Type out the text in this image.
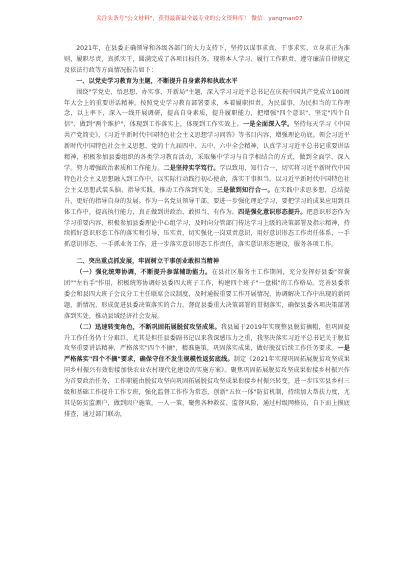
关注头条号"公文材料"，获得最新最全最专业的公文资料库！ 微信：yangman07

2021年，在县委正确领导和各级各部门的大力支持下，坚持以谋事求真、干事求实、立身求正为准则，履职尽责，真抓实干，圆满完成了各项目标任务。现将本人学习、履行工作职责、遵守廉洁自律规定及依法行政等方面情况报告如下：

一、以党史学习教育为主题，不断提升自身素养和执政水平

围绕"学党史、悟思想、办实事、开新局"主题，深入学习习近平总书记在庆祝中国共产党成立100周年大会上的重要讲话精神，按照党史学习教育部署要求，本着履职担责，为民谋事，为民担当的工作理念，以上率下，深入一线开展调研，提高自身素质，提升履职能力，把增强"四个意识"、坚定"四个自信"、做到"两个维护"，体现到工作落实上，体现到工作实效上。一是全面深入学。坚持每天学习《中国共产党简史》、《习近平新时代中国特色社会主义思想学习问答》等书目内容，增强理论功底。领会习近平新时代中国特色社会主义思想、党的十九届四中、五中、六中全会精神，认真学习习近平总书记重要讲话精神，积极参加县委组织的各类学习教育活动，采取集中学习与自学相结合的方式，做到全面学、深入学。努力增强政治素质和工作能力。二是坚持实学笃行。学以致用，知行合一，切实将习近平新时代中国特色社会主义思想融入到工作中，以实际行动践行初心使命，落实干事担当。以习近平新时代中国特色社会主义思想武装头脑、指导实践，推动工作落到实处。三是做到知行合一。在实践中求思多想，总结提升，更好的指导自身的发展。作为一名党员领导干部，要进一步强化理论学习，要把学习的成果应用到具体工作中，提高执行能力，真正做到讲政治、敢担当、有作为。四是强化意识形态提升。把意识形态作为学习重要内容，积极参加县委理论中心组学习，及时向分管部门传达学习上级的决策部署及指示精神，持续抓好意识形态工作的落实和引导，压实责，切实强化一岗双责意识，用好意识形态工作责任体系，一手抓意识形态，一手抓业务工作，进一步落实意识形态工作责任，落实意识形态建设，服务各项工作。

二、突出重点抓发展，牢固树立干事创业敢担当精神

（一）强化统筹协调，不断提升参谋辅助能力。在县社区服务主工作期间，充分发挥好县委"智囊团""左右手"作用，积极统筹协调好县委四大班子工作，构建四个班子"一盘棋"的工作格局。完善县委常委会和县四大班子会议分工主任联席会议制度，及时通报重要工作开展情况，协调解决工作中出现的新问题、新情况，形成促进县委决策落实的合力。督促县委重大决策部署的贯彻落实，确保县委各项决策部署落到实处，推动县域经济社会发展。

（二）迅速转变角色，不断巩固拓展脱贫攻坚成果。我县属于2019年实现整县脱贫摘帽，但巩固提升工作任务仍十分艰巨，尤其是担任县委副书记以来我深感压力之重，我坚决落实习近平总书记关于脱贫攻坚重要讲话精神，严格落实"四个不摘"，精准施策，巩固落实成果，做好脱贫后续工作任务要求。一是严格落实"四个不摘"要求，确保守住不发生规模性返贫底线。制定《2021年实现巩固拓展脱贫攻坚成果同乡村振兴有效衔接加快农业农村现代化建设的实施方案》。聚焦巩固拓展脱贫攻坚成果衔接乡村振兴作为首要政治任务，工作职能由脱贫攻坚向巩固拓展脱贫攻坚成果衔接乡村振兴转变，进一步压实县乡村三级和基础工作提升工作专班，强化监督工作作为常态，创新"五位一体"防贫机制，持续加大帮扶力度，尤其是防贫监测户，做到因户施策，一人一策，聚焦各种救贫、监督风险，通过村级网格员，自下而上摸底排查，通过部门联动，
